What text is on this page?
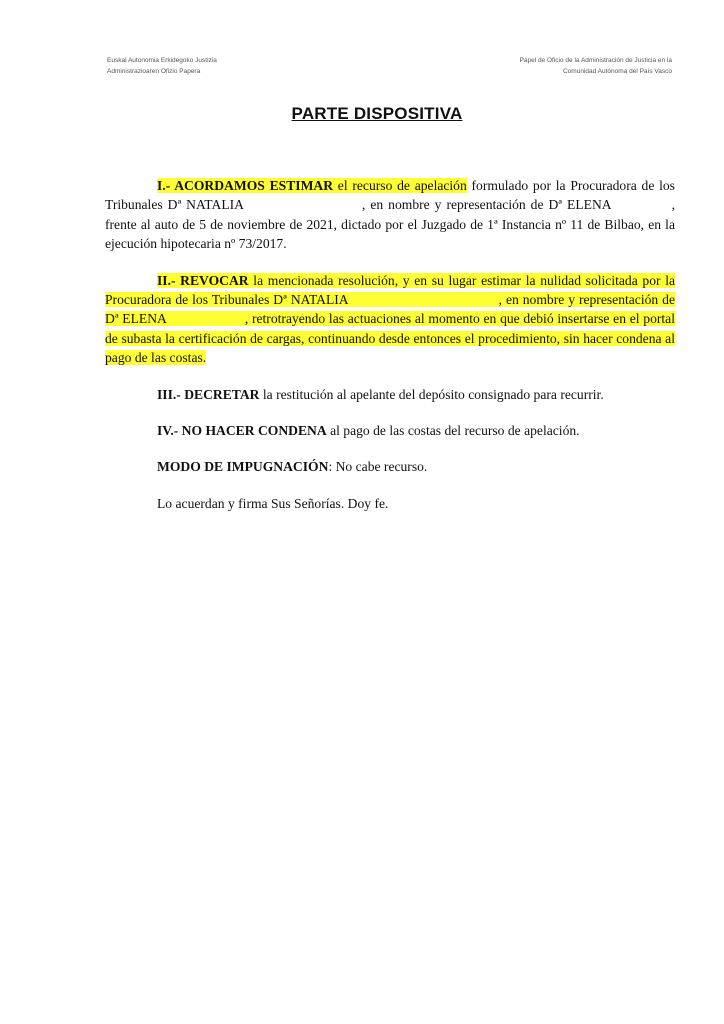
Euskal Autonomia Erkidegoko Justizia
Administrazioaren Ofizio Papera
Papel de Oficio de la Administración de Justicia en la
Comunidad Autónoma del País Vasco
PARTE DISPOSITIVA

I.- ACORDAMOS ESTIMAR el recurso de apelación formulado por la Procuradora de los Tribunales Dª NATALIA	, en nombre y representación de Dª ELENA	, frente al auto de 5 de noviembre de 2021, dictado por el Juzgado de 1ª Instancia nº 11 de Bilbao, en la ejecución hipotecaria nº 73/2017.

II.- REVOCAR la mencionada resolución, y en su lugar estimar la nulidad solicitada por la Procuradora de los Tribunales Dª NATALIA	, en nombre y representación de Dª ELENA	, retrotrayendo las actuaciones al momento en que debió insertarse en el portal de subasta la certificación de cargas, continuando desde entonces el procedimiento, sin hacer condena al pago de las costas.

III.- DECRETAR la restitución al apelante del depósito consignado para recurrir.

IV.- NO HACER CONDENA al pago de las costas del recurso de apelación.

MODO DE IMPUGNACIÓN: No cabe recurso.

Lo acuerdan y firma Sus Señorías. Doy fe.
